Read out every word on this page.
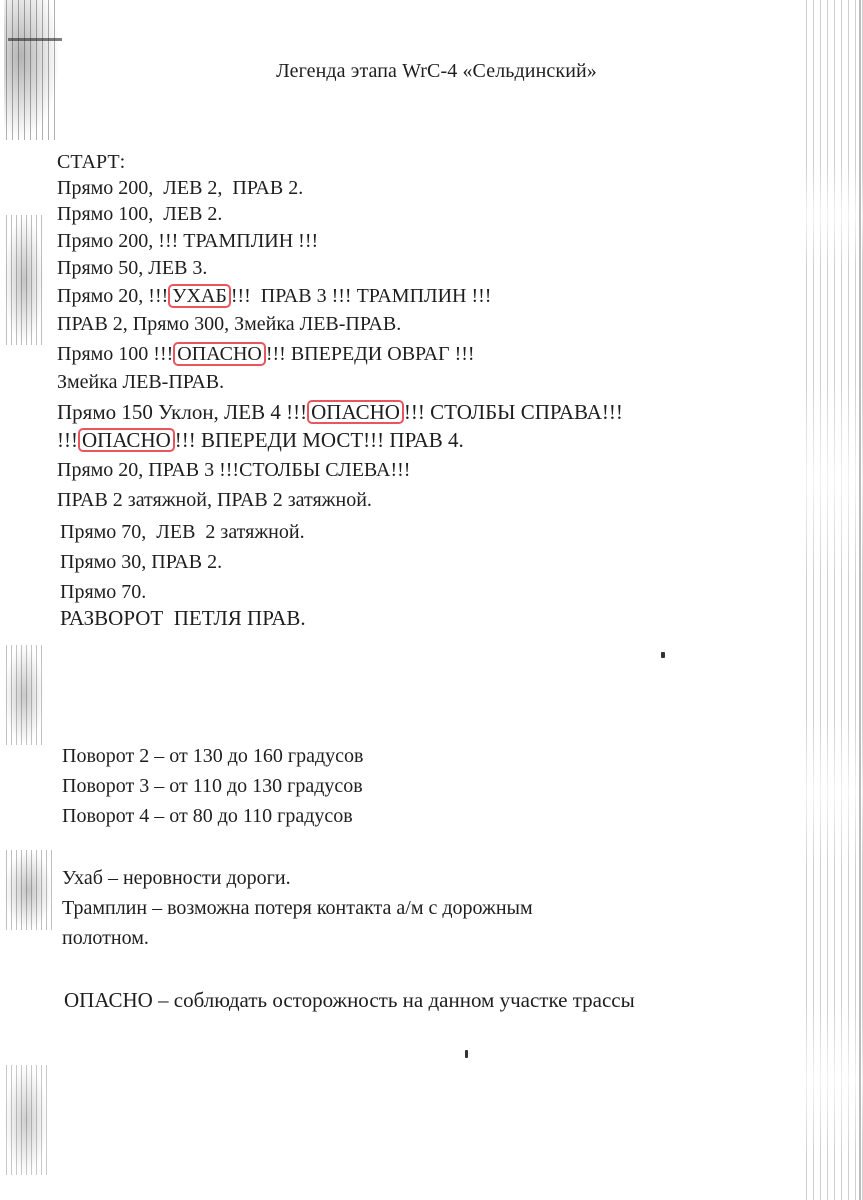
Легенда этапа WrC-4 «Сельдинский»
СТАРТ:
Прямо 200,  ЛЕВ 2,  ПРАВ 2.
Прямо 100,  ЛЕВ 2.
Прямо 200, !!! ТРАМПЛИН !!!
Прямо 50, ЛЕВ 3.
Прямо 20, !!! УХАБ !!!  ПРАВ 3 !!! ТРАМПЛИН !!!
ПРАВ 2, Прямо 300, Змейка ЛЕВ-ПРАВ.
Прямо 100 !!! ОПАСНО !!! ВПЕРЕДИ ОВРАГ !!!
Змейка ЛЕВ-ПРАВ.
Прямо 150 Уклон, ЛЕВ 4 !!! ОПАСНО !!! СТОЛБЫ СПРАВА!!!
!!! ОПАСНО !!! ВПЕРЕДИ МОСТ!!! ПРАВ 4.
Прямо 20, ПРАВ 3 !!!СТОЛБЫ СЛЕВА!!!
ПРАВ 2 затяжной, ПРАВ 2 затяжной.
Прямо 70,  ЛЕВ  2 затяжной.
Прямо 30, ПРАВ 2.
Прямо 70.
РАЗВОРОТ  ПЕТЛЯ ПРАВ.
Поворот 2 – от 130 до 160 градусов
Поворот 3 – от 110 до 130 градусов
Поворот 4 – от 80 до 110 градусов
Ухаб – неровности дороги.
Трамплин – возможна потеря контакта а/м с дорожным
полотном.
ОПАСНО – соблюдать осторожность на данном участке трассы
